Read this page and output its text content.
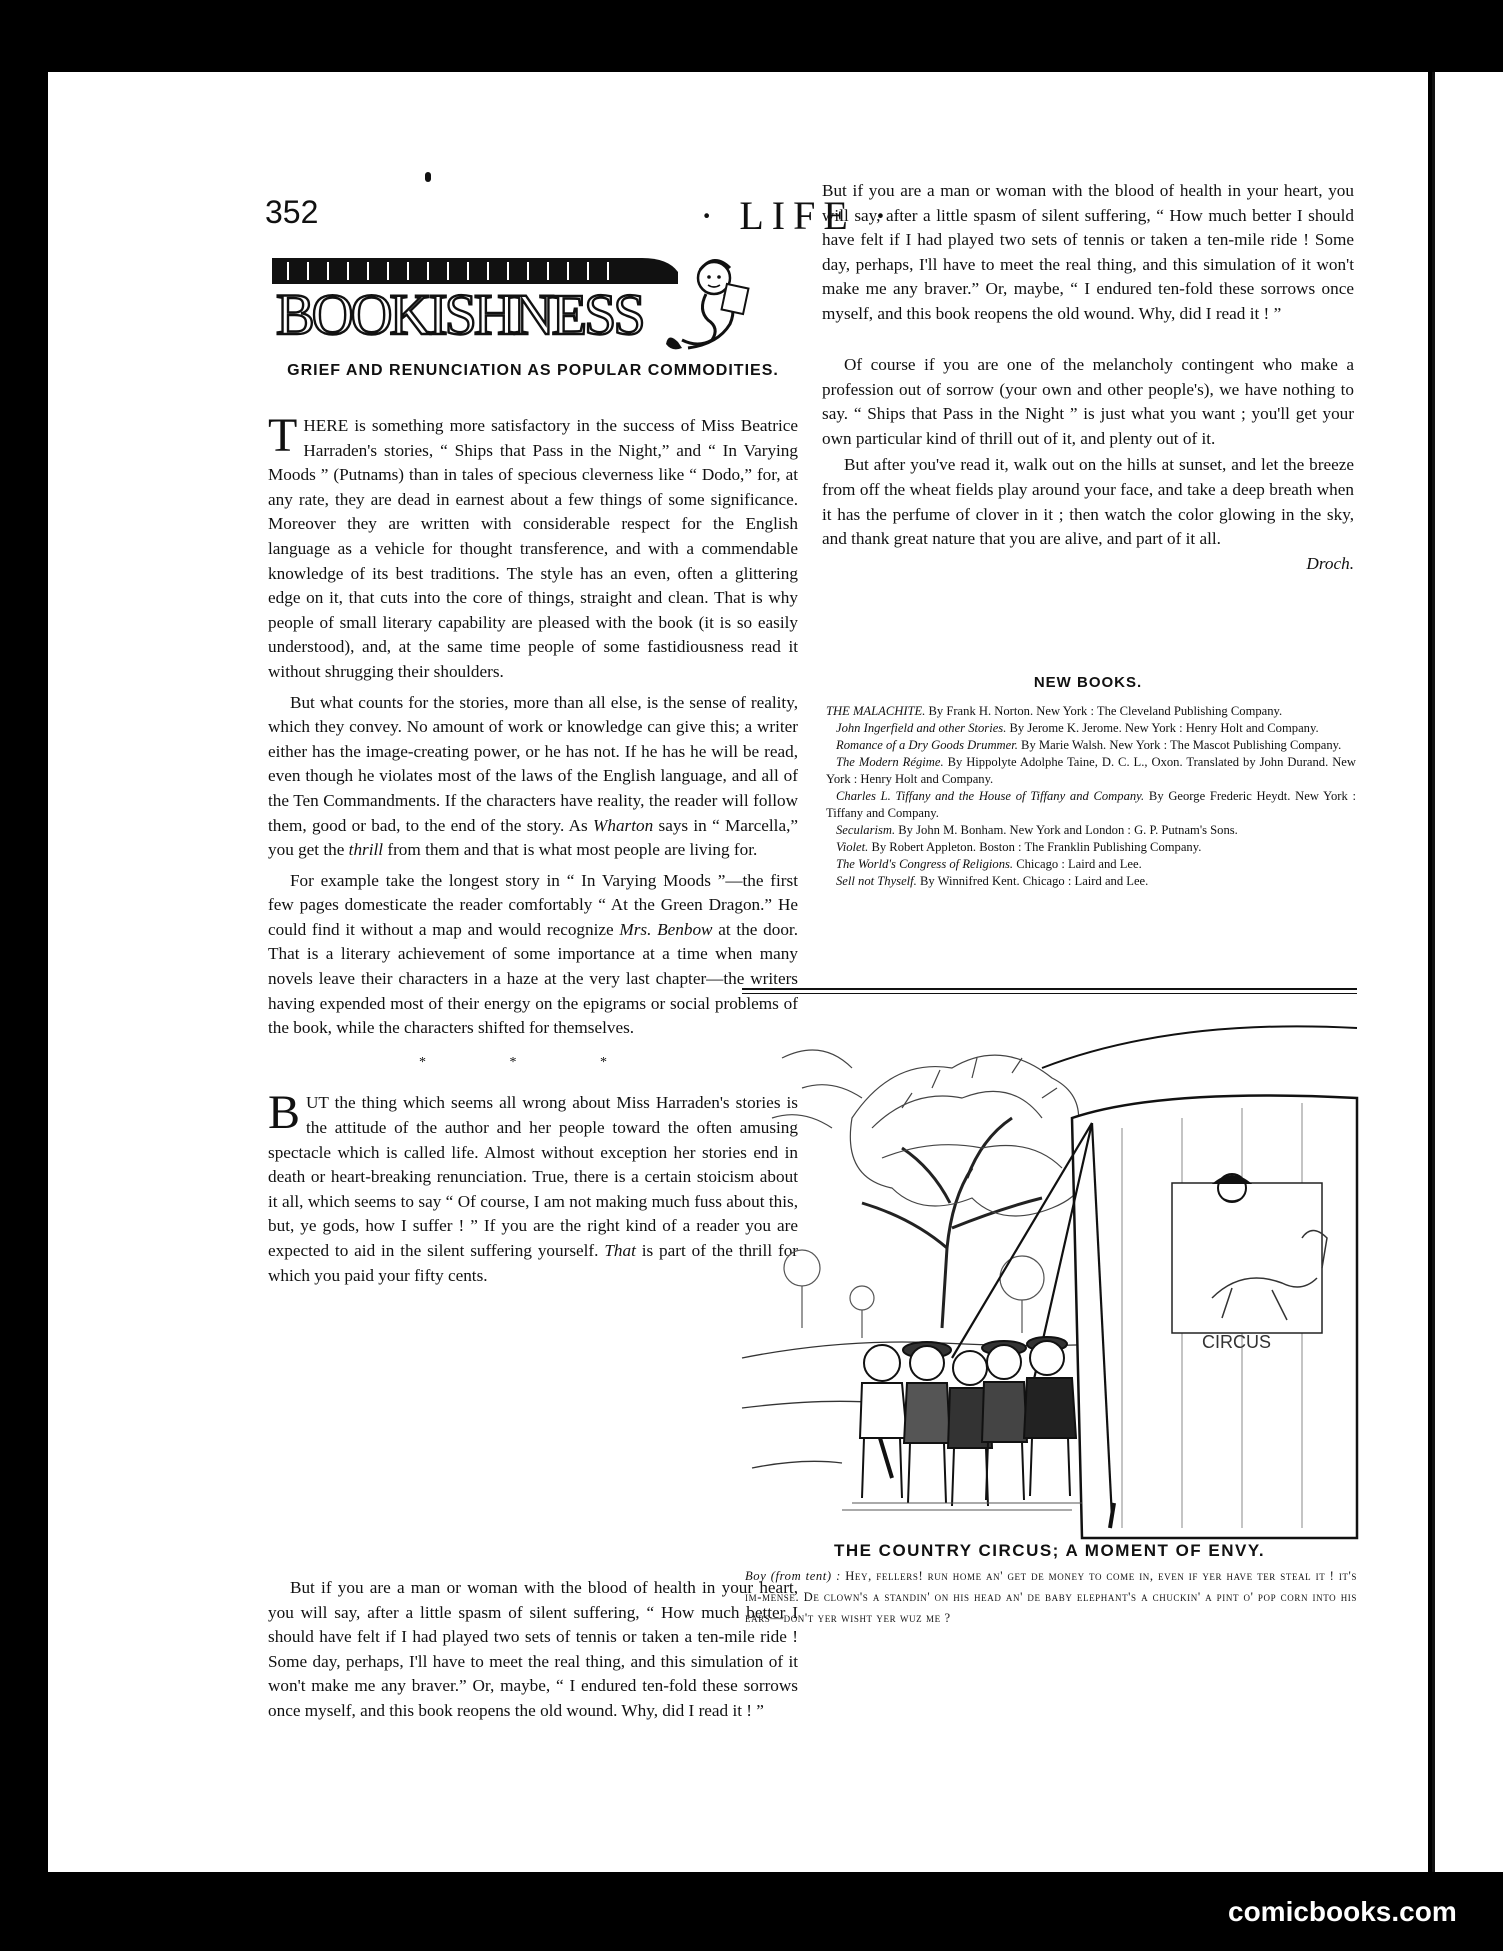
352	· LIFE ·
BOOKISHNESS
GRIEF AND RENUNCIATION AS POPULAR COMMODITIES.

THERE is something more satisfactory in the success of Miss Beatrice Harraden's stories, “ Ships that Pass in the Night,” and “ In Varying Moods ” (Putnams) than in tales of specious cleverness like “ Dodo,” for, at any rate, they are dead in earnest about a few things of some significance. Moreover they are written with considerable respect for the English language as a vehicle for thought transference, and with a commendable knowledge of its best traditions. The style has an even, often a glittering edge on it, that cuts into the core of things, straight and clean. That is why people of small literary capability are pleased with the book (it is so easily understood), and, at the same time people of some fastidiousness read it without shrugging their shoulders.

But what counts for the stories, more than all else, is the sense of reality, which they convey. No amount of work or knowledge can give this; a writer either has the image-creating power, or he has not. If he has he will be read, even though he violates most of the laws of the English language, and all of the Ten Commandments. If the characters have reality, the reader will follow them, good or bad, to the end of the story. As Wharton says in “ Marcella,” you get the thrill from them and that is what most people are living for.

For example take the longest story in “ In Varying Moods ”—the first few pages domesticate the reader comfortably “ At the Green Dragon.” He could find it without a map and would recognize Mrs. Benbow at the door. That is a literary achievement of some importance at a time when many novels leave their characters in a haze at the very last chapter—the writers having expended most of their energy on the epigrams or social problems of the book, while the characters shifted for themselves.

* * *

BUT the thing which seems all wrong about Miss Harraden's stories is the attitude of the author and her people toward the often amusing spectacle which is called life. Almost without exception her stories end in death or heart-breaking renunciation. True, there is a certain stoicism about it all, which seems to say “ Of course, I am not making much fuss about this, but, ye gods, how I suffer ! ” If you are the right kind of a reader you are expected to aid in the silent suffering yourself. That is part of the thrill for which you paid your fifty cents.

But if you are a man or woman with the blood of health in your heart, you will say, after a little spasm of silent suffering, “ How much better I should have felt if I had played two sets of tennis or taken a ten-mile ride ! Some day, perhaps, I'll have to meet the real thing, and this simulation of it won't make me any braver.” Or, maybe, “ I endured ten-fold these sorrows once myself, and this book reopens the old wound. Why, did I read it ! ”

But if you are a man or woman with the blood of health in your heart, you will say, after a little spasm of silent suffering, “ How much better I should have felt if I had played two sets of tennis or taken a ten-mile ride ! Some day, perhaps, I'll have to meet the real thing, and this simulation of it won't make me any braver.” Or, maybe, “ I endured ten-fold these sorrows once myself, and this book reopens the old wound. Why, did I read it ! ”

Of course if you are one of the melancholy contingent who make a profession out of sorrow (your own and other people's), we have nothing to say. “ Ships that Pass in the Night ” is just what you want ; you'll get your own particular kind of thrill out of it, and plenty out of it.

But after you've read it, walk out on the hills at sunset, and let the breeze from off the wheat fields play around your face, and take a deep breath when it has the perfume of clover in it ; then watch the color glowing in the sky, and thank great nature that you are alive, and part of it all.

Droch.
NEW BOOKS.

THE MALACHITE. By Frank H. Norton. New York : The Cleveland Publishing Company.

John Ingerfield and other Stories. By Jerome K. Jerome. New York : Henry Holt and Company.

Romance of a Dry Goods Drummer. By Marie Walsh. New York : The Mascot Publishing Company.

The Modern Régime. By Hippolyte Adolphe Taine, D. C. L., Oxon. Translated by John Durand. New York : Henry Holt and Company.

Charles L. Tiffany and the House of Tiffany and Company. By George Frederic Heydt. New York : Tiffany and Company.

Secularism. By John M. Bonham. New York and London : G. P. Putnam's Sons.

Violet. By Robert Appleton. Boston : The Franklin Publishing Company.

The World's Congress of Religions. Chicago : Laird and Lee.

Sell not Thyself. By Winnifred Kent. Chicago : Laird and Lee.

CIRCUS
THE COUNTRY CIRCUS; A MOMENT OF ENVY.
Boy (from tent) : Hey, fellers! run home an' get de money to come in, even if yer have ter steal it ! it's im-mense. De clown's a standin' on his head an' de baby elephant's a chuckin' a pint o' pop corn into his ears—don't yer wisht yer wuz me ?
comicbooks.com
